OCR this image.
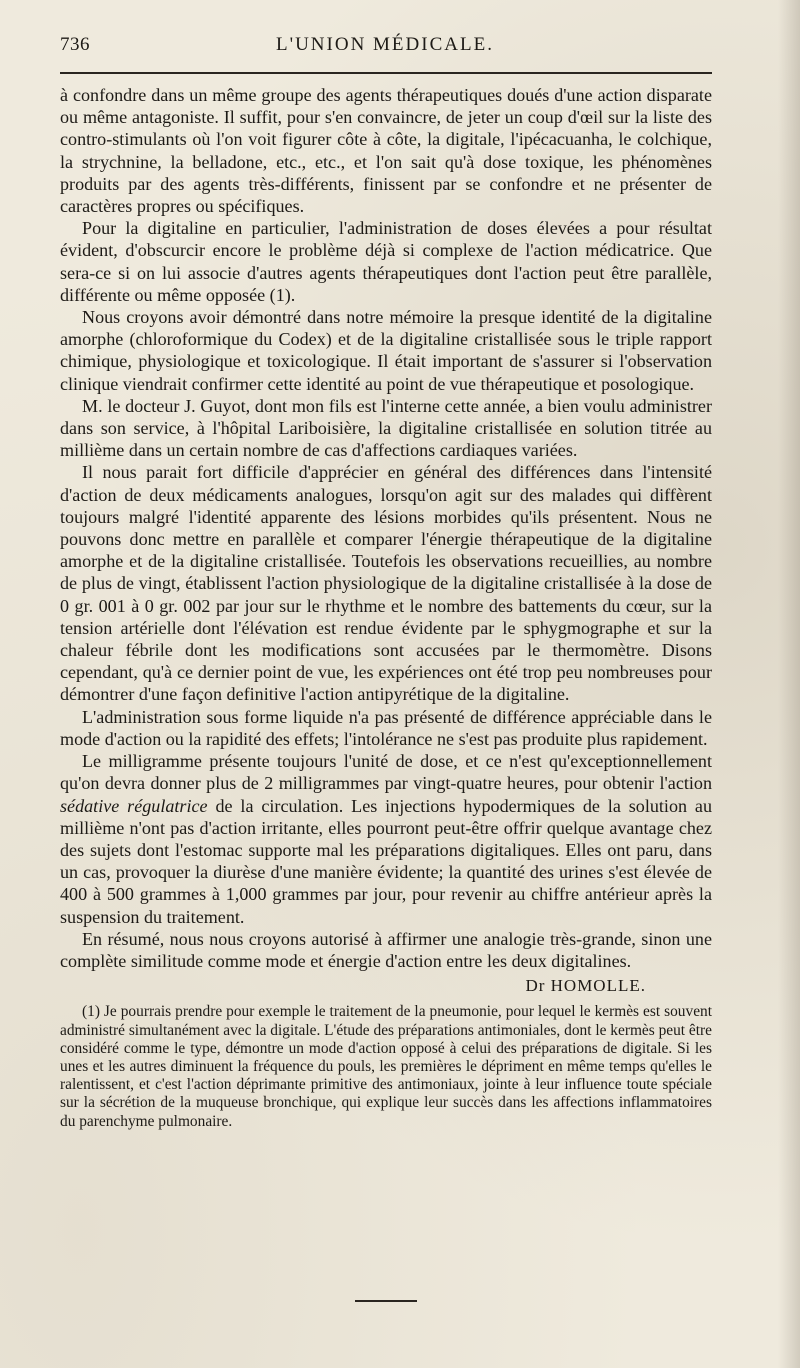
736	L'UNION MÉDICALE.

à confondre dans un même groupe des agents thérapeutiques doués d'une action disparate ou même antagoniste. Il suffit, pour s'en convaincre, de jeter un coup d'œil sur la liste des contro-stimulants où l'on voit figurer côte à côte, la digitale, l'ipécacuanha, le colchique, la strychnine, la belladone, etc., etc., et l'on sait qu'à dose toxique, les phénomènes produits par des agents très-différents, finissent par se confondre et ne présenter de caractères propres ou spécifiques.

Pour la digitaline en particulier, l'administration de doses élevées a pour résultat évident, d'obscurcir encore le problème déjà si complexe de l'action médicatrice. Que sera-ce si on lui associe d'autres agents thérapeutiques dont l'action peut être parallèle, différente ou même opposée (1).

Nous croyons avoir démontré dans notre mémoire la presque identité de la digitaline amorphe (chloroformique du Codex) et de la digitaline cristallisée sous le triple rapport chimique, physiologique et toxicologique. Il était important de s'assurer si l'observation clinique viendrait confirmer cette identité au point de vue thérapeutique et posologique.

M. le docteur J. Guyot, dont mon fils est l'interne cette année, a bien voulu administrer dans son service, à l'hôpital Lariboisière, la digitaline cristallisée en solution titrée au millième dans un certain nombre de cas d'affections cardiaques variées.

Il nous parait fort difficile d'apprécier en général des différences dans l'intensité d'action de deux médicaments analogues, lorsqu'on agit sur des malades qui diffèrent toujours malgré l'identité apparente des lésions morbides qu'ils présentent. Nous ne pouvons donc mettre en parallèle et comparer l'énergie thérapeutique de la digitaline amorphe et de la digitaline cristallisée. Toutefois les observations recueillies, au nombre de plus de vingt, établissent l'action physiologique de la digitaline cristallisée à la dose de 0 gr. 001 à 0 gr. 002 par jour sur le rhythme et le nombre des battements du cœur, sur la tension artérielle dont l'élévation est rendue évidente par le sphygmographe et sur la chaleur fébrile dont les modifications sont accusées par le thermomètre. Disons cependant, qu'à ce dernier point de vue, les expériences ont été trop peu nombreuses pour démontrer d'une façon definitive l'action antipyrétique de la digitaline.

L'administration sous forme liquide n'a pas présenté de différence appréciable dans le mode d'action ou la rapidité des effets; l'intolérance ne s'est pas produite plus rapidement.

Le milligramme présente toujours l'unité de dose, et ce n'est qu'exceptionnellement qu'on devra donner plus de 2 milligrammes par vingt-quatre heures, pour obtenir l'action sédative régulatrice de la circulation. Les injections hypodermiques de la solution au millième n'ont pas d'action irritante, elles pourront peut-être offrir quelque avantage chez des sujets dont l'estomac supporte mal les préparations digitaliques. Elles ont paru, dans un cas, provoquer la diurèse d'une manière évidente; la quantité des urines s'est élevée de 400 à 500 grammes à 1,000 grammes par jour, pour revenir au chiffre antérieur après la suspension du traitement.

En résumé, nous nous croyons autorisé à affirmer une analogie très-grande, sinon une complète similitude comme mode et énergie d'action entre les deux digitalines.

Dr HOMOLLE.

(1) Je pourrais prendre pour exemple le traitement de la pneumonie, pour lequel le kermès est souvent administré simultanément avec la digitale. L'étude des préparations antimoniales, dont le kermès peut être considéré comme le type, démontre un mode d'action opposé à celui des préparations de digitale. Si les unes et les autres diminuent la fréquence du pouls, les premières le dépriment en même temps qu'elles le ralentissent, et c'est l'action déprimante primitive des antimoniaux, jointe à leur influence toute spéciale sur la sécrétion de la muqueuse bronchique, qui explique leur succès dans les affections inflammatoires du parenchyme pulmonaire.
